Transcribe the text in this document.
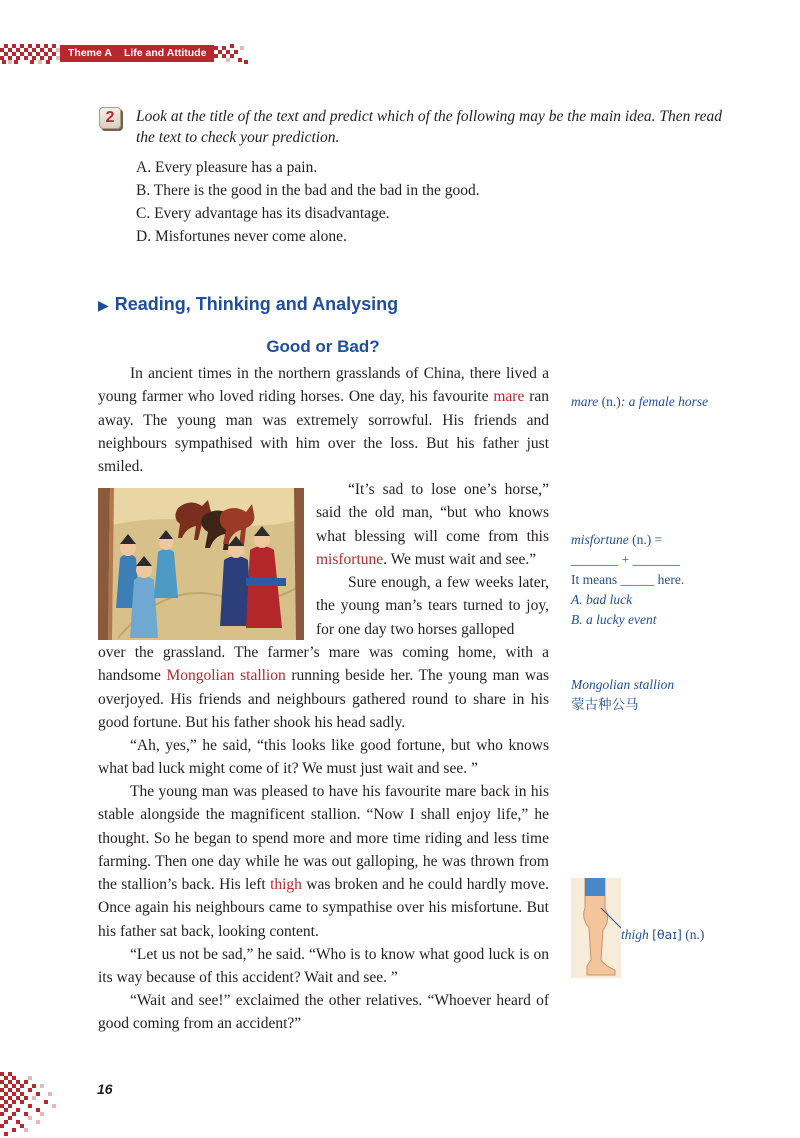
Theme A Life and Attitude
2	Look at the title of the text and predict which of the following may be the main idea. Then read the text to check your prediction.

A. Every pleasure has a pain.
B. There is the good in the bad and the bad in the good.
C. Every advantage has its disadvantage.
D. Misfortunes never come alone.
▶ Reading, Thinking and Analysing
Good or Bad?

In ancient times in the northern grasslands of China, there lived a young farmer who loved riding horses. One day, his favourite mare ran away. The young man was extremely sorrowful. His friends and neighbours sympathised with him over the loss. But his father just smiled.

“It’s sad to lose one’s horse,” said the old man, “but who knows what blessing will come from this misfortune. We must wait and see.”

Sure enough, a few weeks later, the young man’s tears turned to joy, for one day two horses galloped

over the grassland. The farmer’s mare was coming home, with a handsome Mongolian stallion running beside her. The young man was overjoyed. His friends and neighbours gathered round to share in his good fortune. But his father shook his head sadly.

“Ah, yes,” he said, “this looks like good fortune, but who knows what bad luck might come of it? We must just wait and see. ”

The young man was pleased to have his favourite mare back in his stable alongside the magnificent stallion. “Now I shall enjoy life,” he thought. So he began to spend more and more time riding and less time farming. Then one day while he was out galloping, he was thrown from the stallion’s back. His left thigh was broken and he could hardly move. Once again his neighbours came to sympathise over his misfortune. But his father sat back, looking content.

“Let us not be sad,” he said. “Who is to know what good luck is on its way because of this accident? Wait and see. ”

“Wait and see!” exclaimed the other relatives. “Whoever heard of good coming from an accident?”

mare (n.): a female horse

misfortune (n.) =
_______ + _______
It means _____ here.
A. bad luck
B. a lucky event

Mongolian stallion
蒙古种公马

thigh [θaɪ] (n.)

16
